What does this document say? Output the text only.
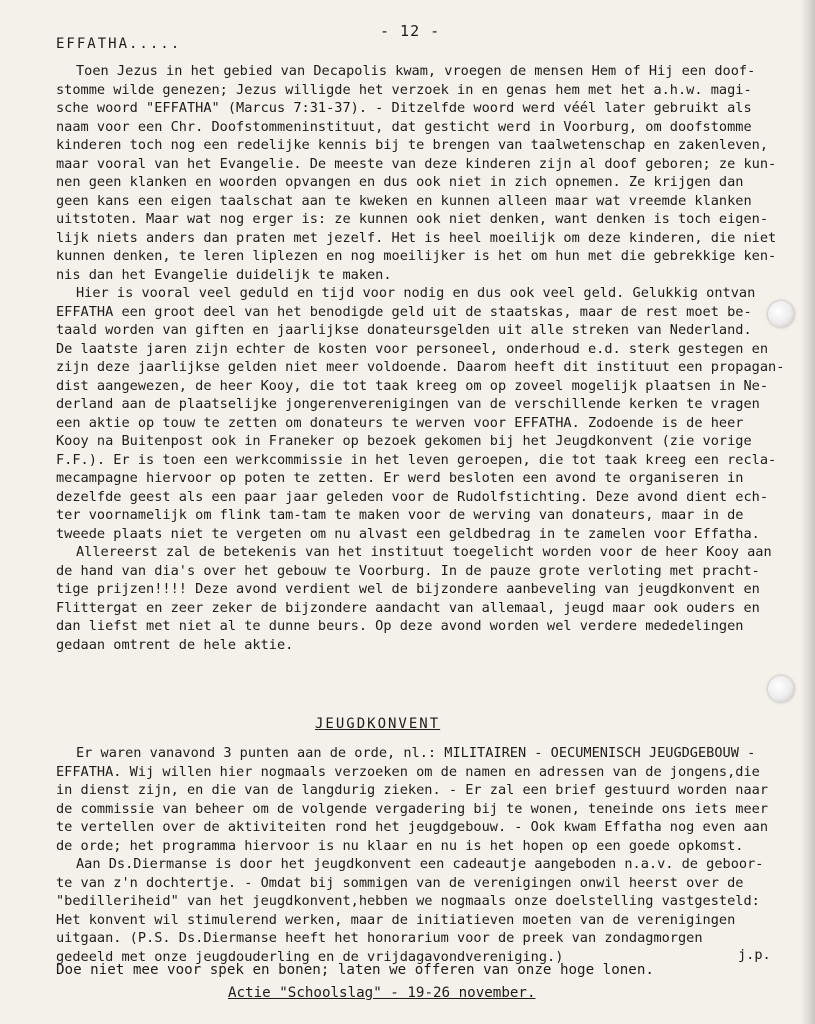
- 12 -
EFFATHA.....
Toen Jezus in het gebied van Decapolis kwam, vroegen de mensen Hem of Hij een doof-
stomme wilde genezen; Jezus willigde het verzoek in en genas hem met het a.h.w. magi-
sche woord "EFFATHA" (Marcus 7:31-37). - Ditzelfde woord werd véél later gebruikt als
naam voor een Chr. Doofstommeninstituut, dat gesticht werd in Voorburg, om doofstomme
kinderen toch nog een redelijke kennis bij te brengen van taalwetenschap en zakenleven,
maar vooral van het Evangelie. De meeste van deze kinderen zijn al doof geboren; ze kun-
nen geen klanken en woorden opvangen en dus ook niet in zich opnemen. Ze krijgen dan
geen kans een eigen taalschat aan te kweken en kunnen alleen maar wat vreemde klanken
uitstoten. Maar wat nog erger is: ze kunnen ook niet denken, want denken is toch eigen-
lijk niets anders dan praten met jezelf. Het is heel moeilijk om deze kinderen, die niet
kunnen denken, te leren liplezen en nog moeilijker is het om hun met die gebrekkige ken-
nis dan het Evangelie duidelijk te maken.
Hier is vooral veel geduld en tijd voor nodig en dus ook veel geld. Gelukkig ontvan
EFFATHA een groot deel van het benodigde geld uit de staatskas, maar de rest moet be-
taald worden van giften en jaarlijkse donateursgelden uit alle streken van Nederland.
De laatste jaren zijn echter de kosten voor personeel, onderhoud e.d. sterk gestegen en
zijn deze jaarlijkse gelden niet meer voldoende. Daarom heeft dit instituut een propagan-
dist aangewezen, de heer Kooy, die tot taak kreeg om op zoveel mogelijk plaatsen in Ne-
derland aan de plaatselijke jongerenverenigingen van de verschillende kerken te vragen
een aktie op touw te zetten om donateurs te werven voor EFFATHA. Zodoende is de heer
Kooy na Buitenpost ook in Franeker op bezoek gekomen bij het Jeugdkonvent (zie vorige
F.F.). Er is toen een werkcommissie in het leven geroepen, die tot taak kreeg een recla-
mecampagne hiervoor op poten te zetten. Er werd besloten een avond te organiseren in
dezelfde geest als een paar jaar geleden voor de Rudolfstichting. Deze avond dient ech-
ter voornamelijk om flink tam-tam te maken voor de werving van donateurs, maar in de
tweede plaats niet te vergeten om nu alvast een geldbedrag in te zamelen voor Effatha.
Allereerst zal de betekenis van het instituut toegelicht worden voor de heer Kooy aan
de hand van dia's over het gebouw te Voorburg. In de pauze grote verloting met pracht-
tige prijzen!!!! Deze avond verdient wel de bijzondere aanbeveling van jeugdkonvent en
Flittergat en zeer zeker de bijzondere aandacht van allemaal, jeugd maar ook ouders en
dan liefst met niet al te dunne beurs. Op deze avond worden wel verdere mededelingen
gedaan omtrent de hele aktie.
JEUGDKONVENT
Er waren vanavond 3 punten aan de orde, nl.: MILITAIREN - OECUMENISCH JEUGDGEBOUW -
EFFATHA. Wij willen hier nogmaals verzoeken om de namen en adressen van de jongens,die
in dienst zijn, en die van de langdurig zieken. - Er zal een brief gestuurd worden naar
de commissie van beheer om de volgende vergadering bij te wonen, teneinde ons iets meer
te vertellen over de aktiviteiten rond het jeugdgebouw. - Ook kwam Effatha nog even aan
de orde; het programma hiervoor is nu klaar en nu is het hopen op een goede opkomst.
Aan Ds.Diermanse is door het jeugdkonvent een cadeautje aangeboden n.a.v. de geboor-
te van z'n dochtertje. - Omdat bij sommigen van de verenigingen onwil heerst over de
"bedilleriheid" van het jeugdkonvent,hebben we nogmaals onze doelstelling vastgesteld:
Het konvent wil stimulerend werken, maar de initiatieven moeten van de verenigingen
uitgaan. (P.S. Ds.Diermanse heeft het honorarium voor de preek van zondagmorgen
gedeeld met onze jeugdouderling en de vrijdagavondvereniging.)	j.p.
Doe niet mee voor spek en bonen; laten we offeren van onze hoge lonen.
Actie "Schoolslag" - 19-26 november.
